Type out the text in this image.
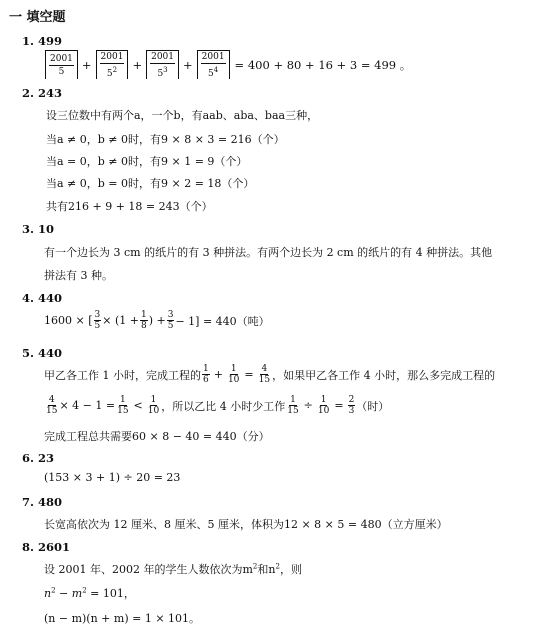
一 填空题
1. 499
$\frac{2001}{5} + \frac{2001}{5^2} + \frac{2001}{5^3} + \frac{2001}{5^4} = 400 + 80 + 16 + 3 = 499$ 。
2. 243
设三位数中有两个a，一个b，有aab、aba、baa三种，
当a ≠ 0，b ≠ 0时，有9 × 8 × 3 = 216（个）
当a = 0，b ≠ 0时，有9 × 1 = 9（个）
当a ≠ 0，b = 0时，有9 × 2 = 18（个）
共有216 + 9 + 18 = 243（个）
3. 10
有一个边长为 3 cm 的纸片的有 3 种拼法。有两个边长为 2 cm 的纸片的有 4 种拼法。其他
拼法有 3 种。
4. 440
1600 × [ $\frac{3}{5} \times (1 + \frac{1}{8}$ ) + $\frac{3}{5} - 1] = 440$（吨）
5. 440
甲乙各工作 1 小时，完成工程的 $\frac{1}{6} + \frac{1}{10} = \frac{4}{15}$ ，如果甲乙各工作 4 小时，那么多完成工程的
$\frac{4}{15} \times 4 - 1 = \frac{1}{15} < \frac{1}{10}$ ，所以乙比 4 小时少工作 $\frac{1}{15} \div \frac{1}{10} = \frac{2}{3}$ （时）
完成工程总共需要60 × 8 − 40 = 440（分）
6. 23
(153 × 3 + 1) ÷ 20 = 23
7. 480
长宽高依次为 12 厘米、8 厘米、5 厘米，体积为12 × 8 × 5 = 480（立方厘米）
8. 2601
设 2001 年、2002 年的学生人数依次为$m^2$和$n^2$，则
$n^2 - m^2 = 101$，
(n − m)(n + m) = 1 × 101。
